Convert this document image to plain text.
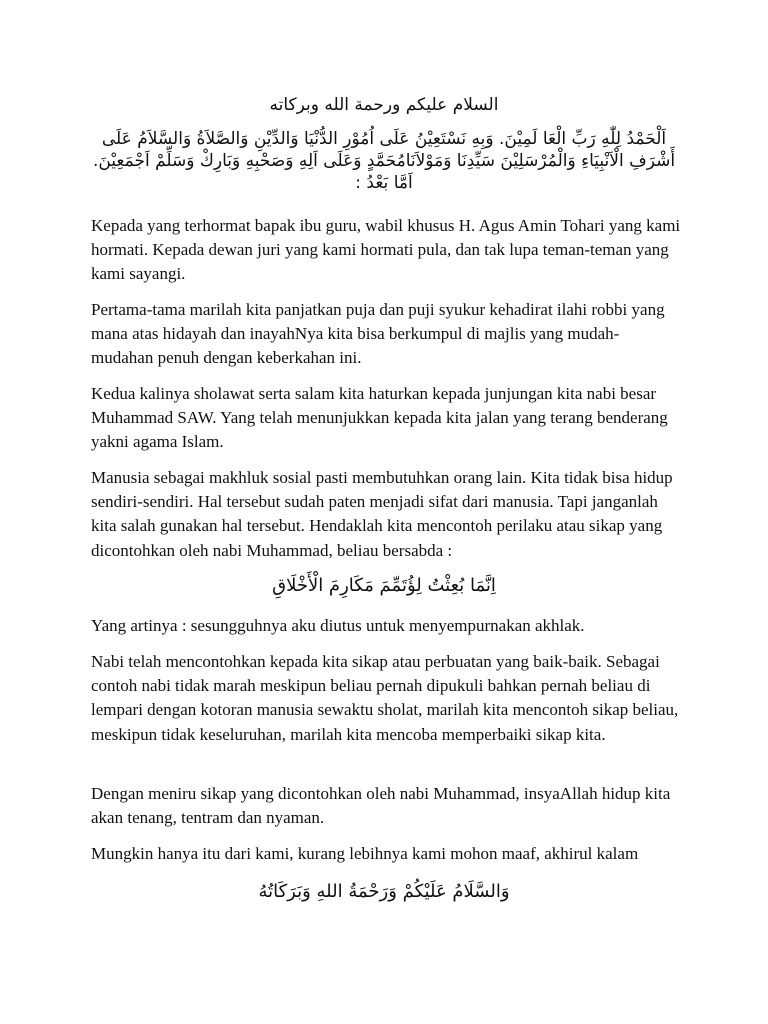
السلام عليكم ورحمة الله وبركاته

اَلْحَمْدُ لِلّٰهِ رَبِّ الْعَا لَمِيْنَ. وَبِهِ نَسْتَعِيْنُ عَلَى اُمُوْرِ الدُّنْيَا وَالدِّيْنِ وَالصَّلاَةُ وَالسَّلاَمُ عَلَى أَشْرَفِ الْاَنْبِيَاءِ وَالْمُرْسَلِيْنَ سَيِّدِنَا وَمَوْلاَنَامُحَمَّدٍ وَعَلَى اَلِهِ وَصَحْبِهِ وَبَارِكْ وَسَلِّمْ اَجْمَعِيْنَ. اَمَّا بَعْدُ :

Kepada yang terhormat bapak ibu guru, wabil khusus H. Agus Amin Tohari yang kami hormati. Kepada dewan juri yang kami hormati pula, dan tak lupa teman-teman yang kami sayangi.

Pertama-tama marilah kita panjatkan puja dan puji syukur kehadirat ilahi robbi yang mana atas hidayah dan inayahNya kita bisa berkumpul di majlis yang mudah-mudahan penuh dengan keberkahan ini.

Kedua kalinya sholawat serta salam kita haturkan kepada junjungan kita nabi besar Muhammad SAW. Yang telah menunjukkan kepada kita jalan yang terang benderang yakni agama Islam.

Manusia sebagai makhluk sosial pasti membutuhkan orang lain. Kita tidak bisa hidup sendiri-sendiri. Hal tersebut sudah paten menjadi sifat dari manusia. Tapi janganlah kita salah gunakan hal tersebut. Hendaklah kita mencontoh perilaku atau sikap yang dicontohkan oleh nabi Muhammad, beliau bersabda :

اِنَّمَا بُعِثْتُ لِؤُتَمِّمَ مَكَارِمَ الْأَخْلَاقِ

Yang artinya : sesungguhnya aku diutus untuk menyempurnakan akhlak.

Nabi telah mencontohkan kepada kita sikap atau perbuatan yang baik-baik. Sebagai contoh nabi tidak marah meskipun beliau pernah dipukuli bahkan pernah beliau di lempari dengan kotoran manusia sewaktu sholat, marilah kita mencontoh sikap beliau, meskipun tidak keseluruhan, marilah kita mencoba memperbaiki sikap kita.

Dengan meniru sikap yang dicontohkan oleh nabi Muhammad, insyaAllah hidup kita akan tenang, tentram dan nyaman.

Mungkin hanya itu dari kami, kurang lebihnya kami mohon maaf, akhirul kalam

وَالسَّلَامُ عَلَيْكُمْ وَرَحْمَةُ اللهِ وَبَرَكَاتُهُ
